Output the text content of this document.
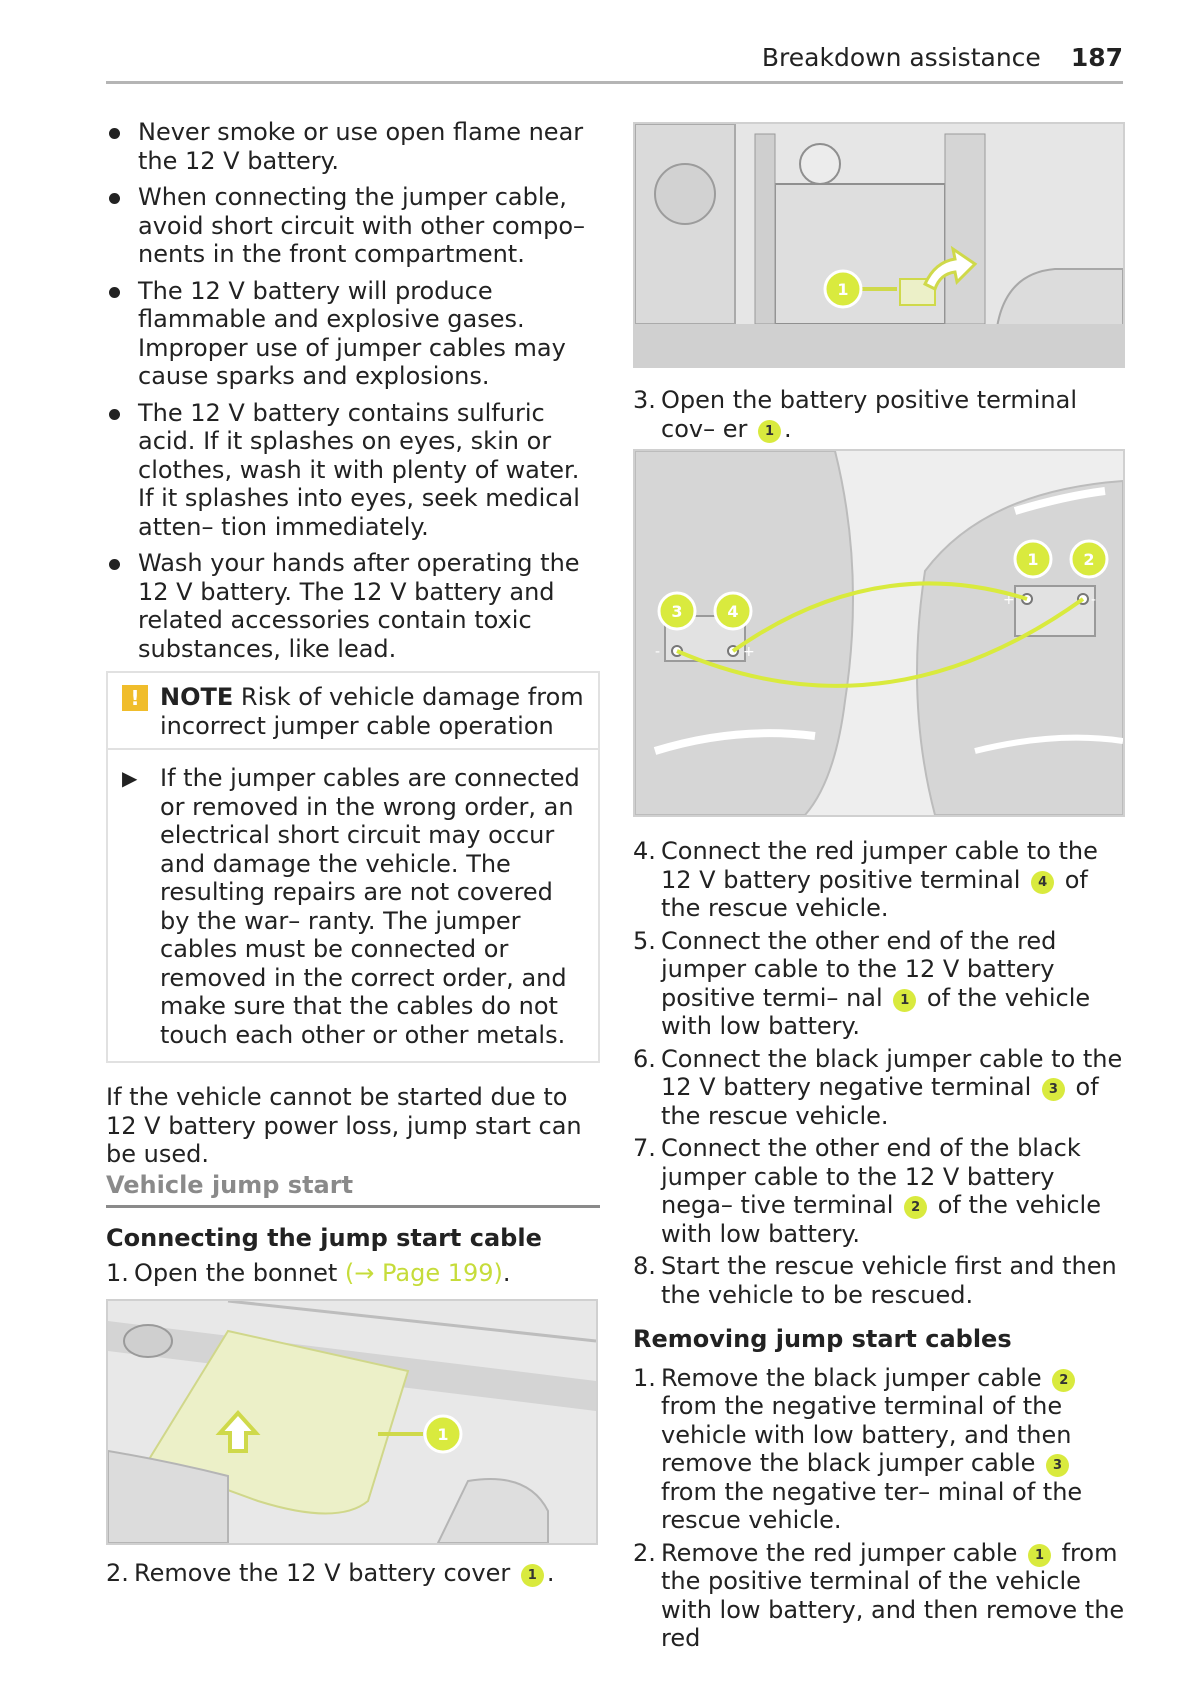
Breakdown assistance 187
Never smoke or use open flame near the 12 V battery.
When connecting the jumper cable, avoid short circuit with other compo– nents in the front compartment.
The 12 V battery will produce flammable and explosive gases. Improper use of jumper cables may cause sparks and explosions.
The 12 V battery contains sulfuric acid. If it splashes on eyes, skin or clothes, wash it with plenty of water. If it splashes into eyes, seek medical atten– tion immediately.
Wash your hands after operating the 12 V battery. The 12 V battery and related accessories contain toxic substances, like lead.
! NOTE Risk of vehicle damage from incorrect jumper cable operation
▶ If the jumper cables are connected or removed in the wrong order, an electrical short circuit may occur and damage the vehicle. The resulting repairs are not covered by the war– ranty. The jumper cables must be connected or removed in the correct order, and make sure that the cables do not touch each other or other metals.
If the vehicle cannot be started due to 12 V battery power loss, jump start can be used.
Vehicle jump start
Connecting the jump start cable
1. Open the bonnet (→ Page 199).
1
2. Remove the 12 V battery cover 1 .
1
3. Open the battery positive terminal cov– er 1 .
-	+
+	-
3	4
1	2
4. Connect the red jumper cable to the 12 V battery positive terminal 4 of the rescue vehicle.
5. Connect the other end of the red jumper cable to the 12 V battery positive termi– nal 1 of the vehicle with low battery.
6. Connect the black jumper cable to the 12 V battery negative terminal 3 of the rescue vehicle.
7. Connect the other end of the black jumper cable to the 12 V battery nega– tive terminal 2 of the vehicle with low battery.
8. Start the rescue vehicle first and then the vehicle to be rescued.
Removing jump start cables
1. Remove the black jumper cable 2 from the negative terminal of the vehicle with low battery, and then remove the black jumper cable 3 from the negative ter– minal of the rescue vehicle.
2. Remove the red jumper cable 1 from the positive terminal of the vehicle with low battery, and then remove the red
